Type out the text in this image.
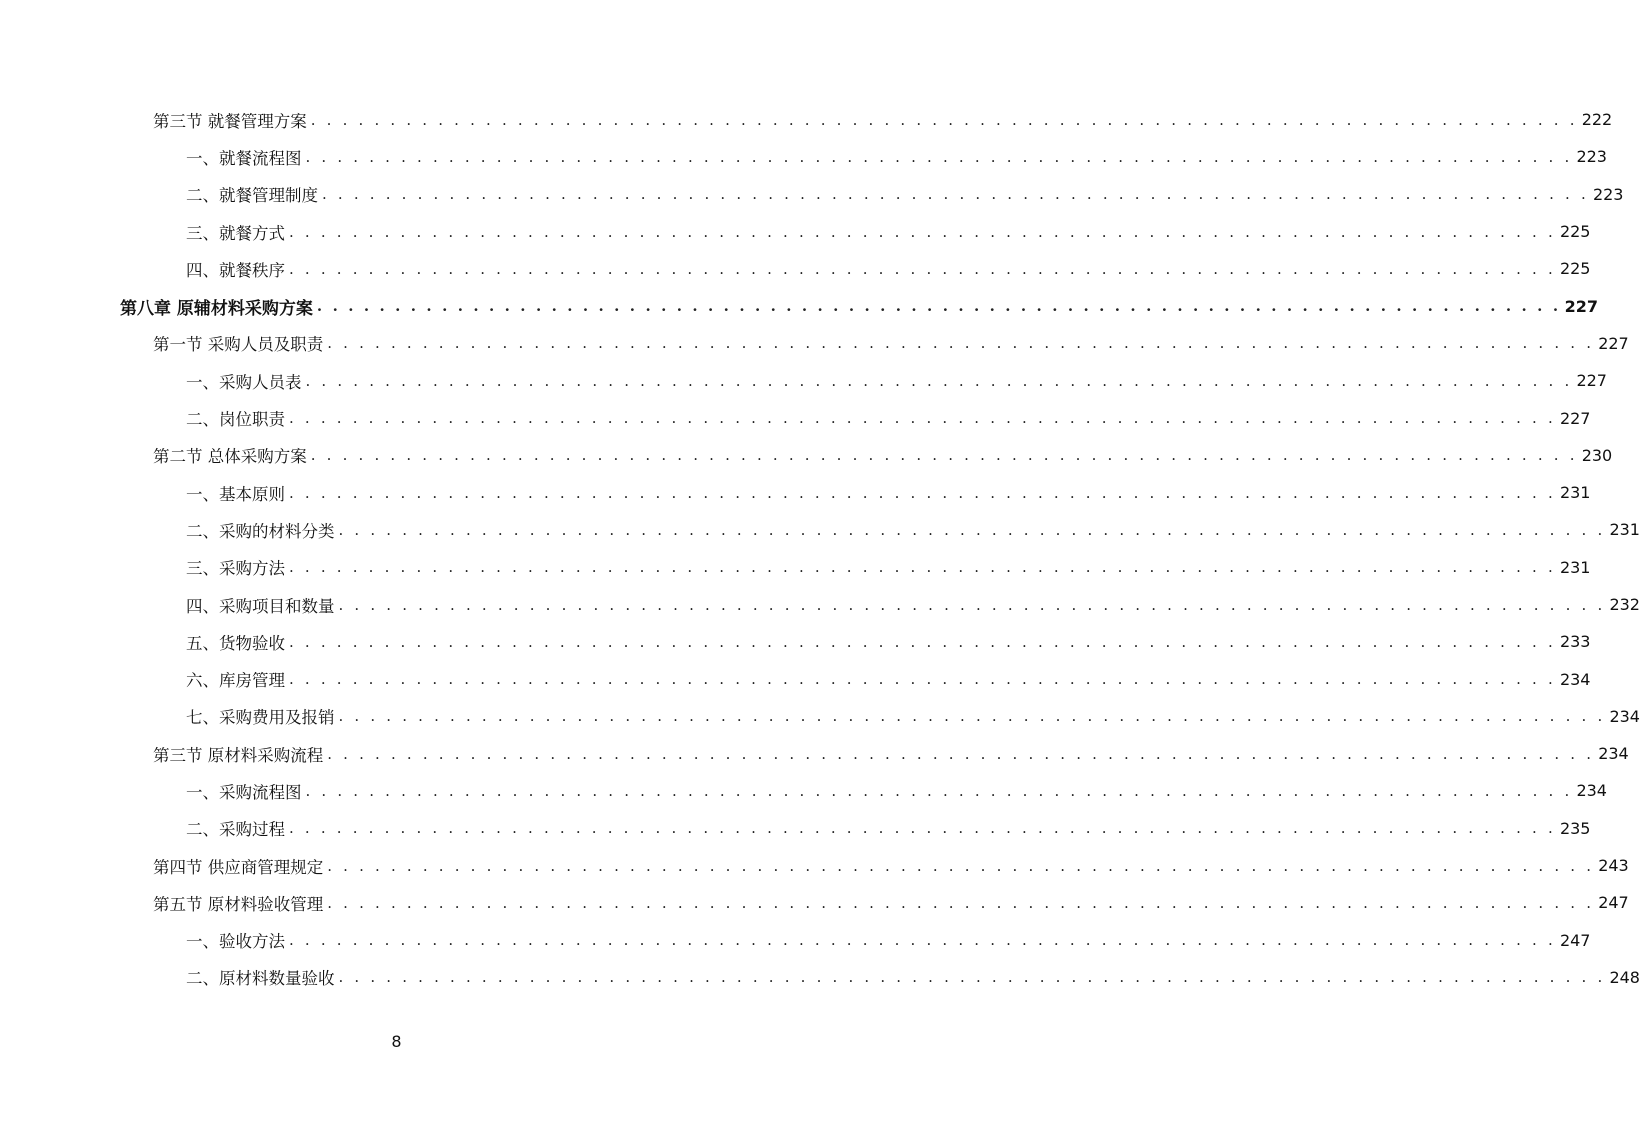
第三节 就餐管理方案 . . . . . . . . . . . . . . . . . . . . . . . . . . . . . . . . . . . . . . . . . . . . . . . . . . . . . . . . . . . . . . . . . . . . . . . . . . . . . . . . 222
一、就餐流程图 . . . . . . . . . . . . . . . . . . . . . . . . . . . . . . . . . . . . . . . . . . . . . . . . . . . . . . . . . . . . . . . . . . . . . . . . . . . . . . . . 223
二、就餐管理制度 . . . . . . . . . . . . . . . . . . . . . . . . . . . . . . . . . . . . . . . . . . . . . . . . . . . . . . . . . . . . . . . . . . . . . . . . . . . . . . . . 223
三、就餐方式 . . . . . . . . . . . . . . . . . . . . . . . . . . . . . . . . . . . . . . . . . . . . . . . . . . . . . . . . . . . . . . . . . . . . . . . . . . . . . . . . 225
四、就餐秩序 . . . . . . . . . . . . . . . . . . . . . . . . . . . . . . . . . . . . . . . . . . . . . . . . . . . . . . . . . . . . . . . . . . . . . . . . . . . . . . . . 225
第八章 原辅材料采购方案 . . . . . . . . . . . . . . . . . . . . . . . . . . . . . . . . . . . . . . . . . . . . . . . . . . . . . . . . . . . . . . . . . . . . . . . . . . . . . . . . 227
第一节 采购人员及职责 . . . . . . . . . . . . . . . . . . . . . . . . . . . . . . . . . . . . . . . . . . . . . . . . . . . . . . . . . . . . . . . . . . . . . . . . . . . . . . . . 227
一、采购人员表 . . . . . . . . . . . . . . . . . . . . . . . . . . . . . . . . . . . . . . . . . . . . . . . . . . . . . . . . . . . . . . . . . . . . . . . . . . . . . . . . 227
二、岗位职责 . . . . . . . . . . . . . . . . . . . . . . . . . . . . . . . . . . . . . . . . . . . . . . . . . . . . . . . . . . . . . . . . . . . . . . . . . . . . . . . . 227
第二节 总体采购方案 . . . . . . . . . . . . . . . . . . . . . . . . . . . . . . . . . . . . . . . . . . . . . . . . . . . . . . . . . . . . . . . . . . . . . . . . . . . . . . . . 230
一、基本原则 . . . . . . . . . . . . . . . . . . . . . . . . . . . . . . . . . . . . . . . . . . . . . . . . . . . . . . . . . . . . . . . . . . . . . . . . . . . . . . . . 231
二、采购的材料分类 . . . . . . . . . . . . . . . . . . . . . . . . . . . . . . . . . . . . . . . . . . . . . . . . . . . . . . . . . . . . . . . . . . . . . . . . . . . . . . . . 231
三、采购方法 . . . . . . . . . . . . . . . . . . . . . . . . . . . . . . . . . . . . . . . . . . . . . . . . . . . . . . . . . . . . . . . . . . . . . . . . . . . . . . . . 231
四、采购项目和数量 . . . . . . . . . . . . . . . . . . . . . . . . . . . . . . . . . . . . . . . . . . . . . . . . . . . . . . . . . . . . . . . . . . . . . . . . . . . . . . . . 232
五、货物验收 . . . . . . . . . . . . . . . . . . . . . . . . . . . . . . . . . . . . . . . . . . . . . . . . . . . . . . . . . . . . . . . . . . . . . . . . . . . . . . . . 233
六、库房管理 . . . . . . . . . . . . . . . . . . . . . . . . . . . . . . . . . . . . . . . . . . . . . . . . . . . . . . . . . . . . . . . . . . . . . . . . . . . . . . . . 234
七、采购费用及报销 . . . . . . . . . . . . . . . . . . . . . . . . . . . . . . . . . . . . . . . . . . . . . . . . . . . . . . . . . . . . . . . . . . . . . . . . . . . . . . . . 234
第三节 原材料采购流程 . . . . . . . . . . . . . . . . . . . . . . . . . . . . . . . . . . . . . . . . . . . . . . . . . . . . . . . . . . . . . . . . . . . . . . . . . . . . . . . . 234
一、采购流程图 . . . . . . . . . . . . . . . . . . . . . . . . . . . . . . . . . . . . . . . . . . . . . . . . . . . . . . . . . . . . . . . . . . . . . . . . . . . . . . . . 234
二、采购过程 . . . . . . . . . . . . . . . . . . . . . . . . . . . . . . . . . . . . . . . . . . . . . . . . . . . . . . . . . . . . . . . . . . . . . . . . . . . . . . . . 235
第四节 供应商管理规定 . . . . . . . . . . . . . . . . . . . . . . . . . . . . . . . . . . . . . . . . . . . . . . . . . . . . . . . . . . . . . . . . . . . . . . . . . . . . . . . . 243
第五节 原材料验收管理 . . . . . . . . . . . . . . . . . . . . . . . . . . . . . . . . . . . . . . . . . . . . . . . . . . . . . . . . . . . . . . . . . . . . . . . . . . . . . . . . 247
一、验收方法 . . . . . . . . . . . . . . . . . . . . . . . . . . . . . . . . . . . . . . . . . . . . . . . . . . . . . . . . . . . . . . . . . . . . . . . . . . . . . . . . 247
二、原材料数量验收 . . . . . . . . . . . . . . . . . . . . . . . . . . . . . . . . . . . . . . . . . . . . . . . . . . . . . . . . . . . . . . . . . . . . . . . . . . . . . . . . 248
8
